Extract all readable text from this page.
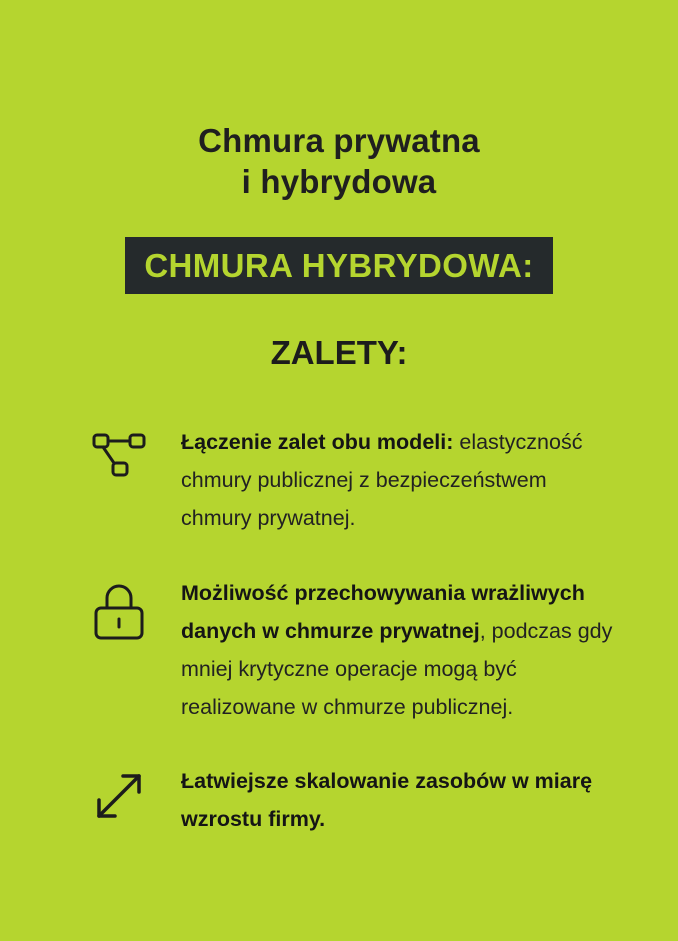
Chmura prywatna
i hybrydowa
CHMURA HYBRYDOWA:
ZALETY:
Łączenie zalet obu modeli: elastyczność chmury publicznej z bezpieczeństwem chmury prywatnej.
Możliwość przechowywania wrażliwych danych w chmurze prywatnej, podczas gdy mniej krytyczne operacje mogą być realizowane w chmurze publicznej.
Łatwiejsze skalowanie zasobów w miarę wzrostu firmy.
